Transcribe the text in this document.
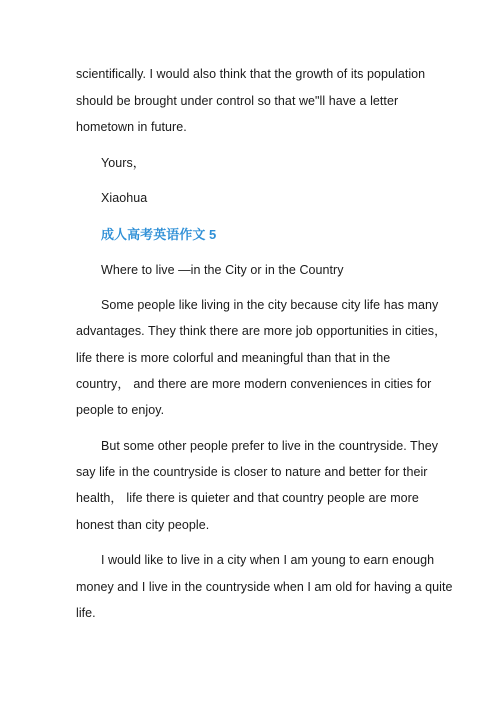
scientifically. I would also think that the growth of its population
should be brought under control so that we"ll have a letter
hometown in future.
Yours，
Xiaohua
成人高考英语作文 5
Where to live —in the City or in the Country
Some people like living in the city because city life has many
advantages. They think there are more job opportunities in cities，
life there is more colorful and meaningful than that in the
country， and there are more modern conveniences in cities for
people to enjoy.
But some other people prefer to live in the countryside. They
say life in the countryside is closer to nature and better for their
health， life there is quieter and that country people are more
honest than city people.
I would like to live in a city when I am young to earn enough
money and I live in the countryside when I am old for having a quite
life.
